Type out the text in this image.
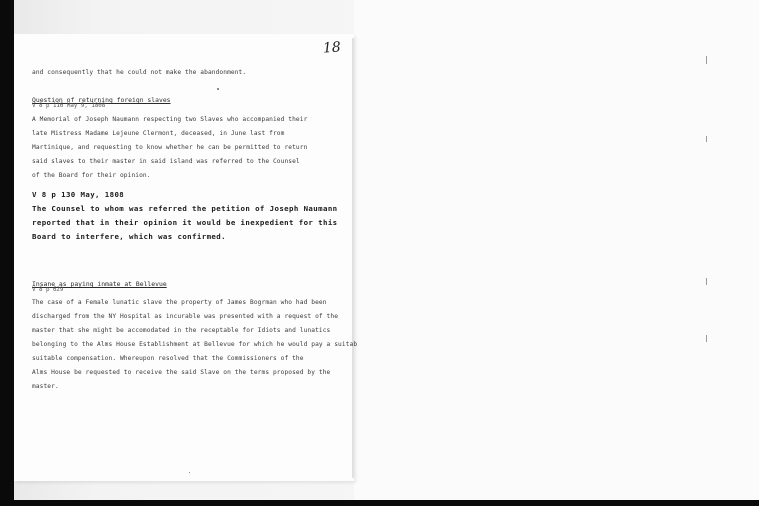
18
and consequently that he could not make the abandonment.
Question of returning foreign slaves
V 8 p 116 May 9, 1808
A Memorial of Joseph Naumann respecting two Slaves who accompanied their
late Mistress Madame Lejeune Clermont, deceased, in June last from
Martinique, and requesting to know whether he can be permitted to return
said slaves to their master in said island was referred to the Counsel
of the Board for their opinion.
V 8 p 130 May, 1808
The Counsel to whom was referred the petition of Joseph Naumann
reported that in their opinion it would be inexpedient for this
Board to interfere, which was confirmed.
Insane as paying inmate at Bellevue
V 8 p 629
The case of a Female lunatic slave the property of James Bogrman who had been
discharged from the NY Hospital as incurable was presented with a request of the
master that she might be accomodated in the receptable for Idiots and lunatics
belonging to the Alms House Establishment at Bellevue for which he would pay a suitab
suitable compensation. Whereupon resolved that the Commissioners of the
Alms House be requested to receive the said Slave on the terms proposed by the
master.
